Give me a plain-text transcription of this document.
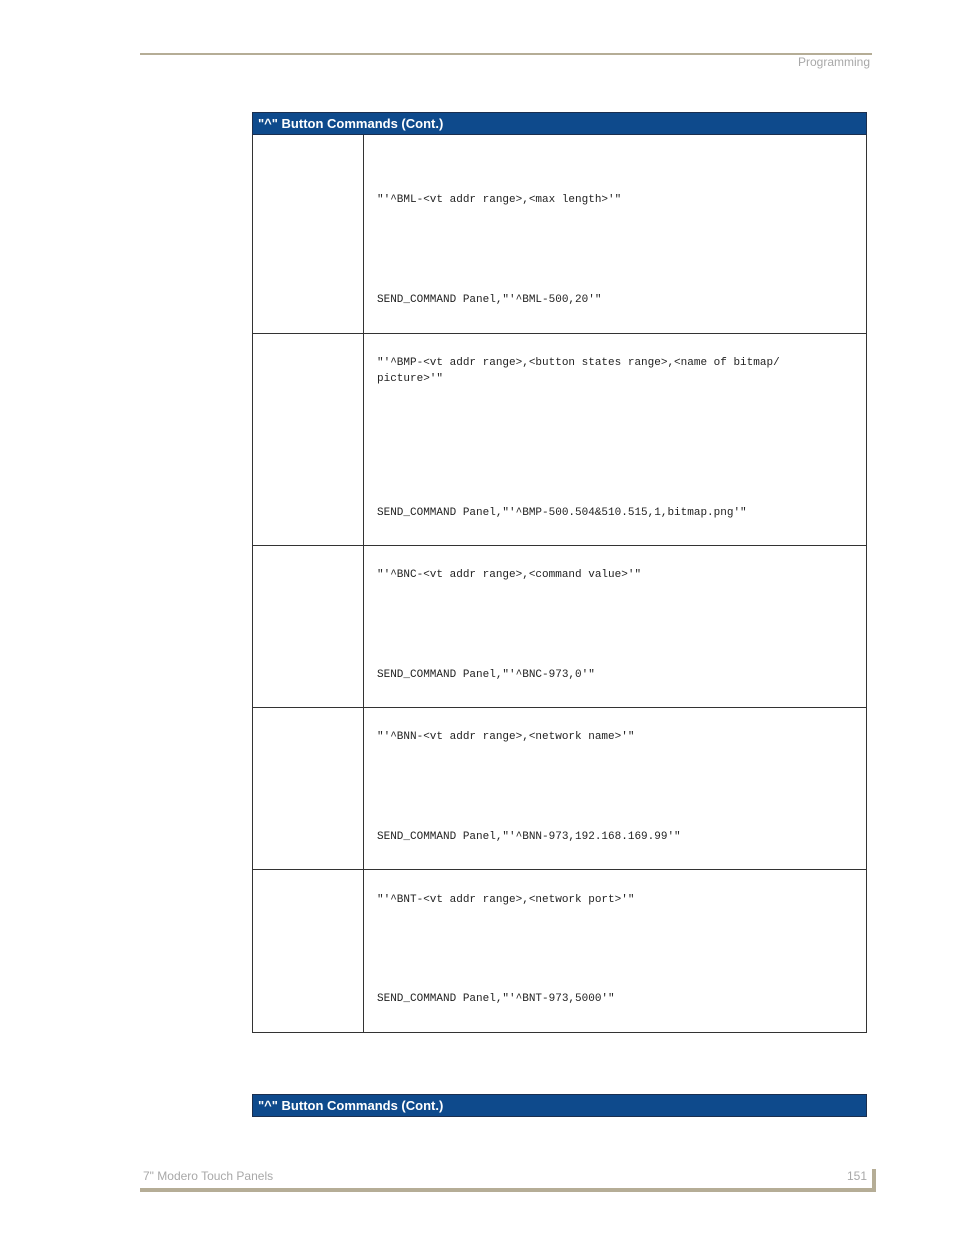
Programming
"^" Button Commands (Cont.)
"'^BML-<vt addr range>,<max length>'"
SEND_COMMAND Panel,"'^BML-500,20'"
"'^BMP-<vt addr range>,<button states range>,<name of bitmap/
picture>'"
SEND_COMMAND Panel,"'^BMP-500.504&510.515,1,bitmap.png'"
"'^BNC-<vt addr range>,<command value>'"
SEND_COMMAND Panel,"'^BNC-973,0'"
"'^BNN-<vt addr range>,<network name>'"
SEND_COMMAND Panel,"'^BNN-973,192.168.169.99'"
"'^BNT-<vt addr range>,<network port>'"
SEND_COMMAND Panel,"'^BNT-973,5000'"
"^" Button Commands (Cont.)
7" Modero Touch Panels	151
